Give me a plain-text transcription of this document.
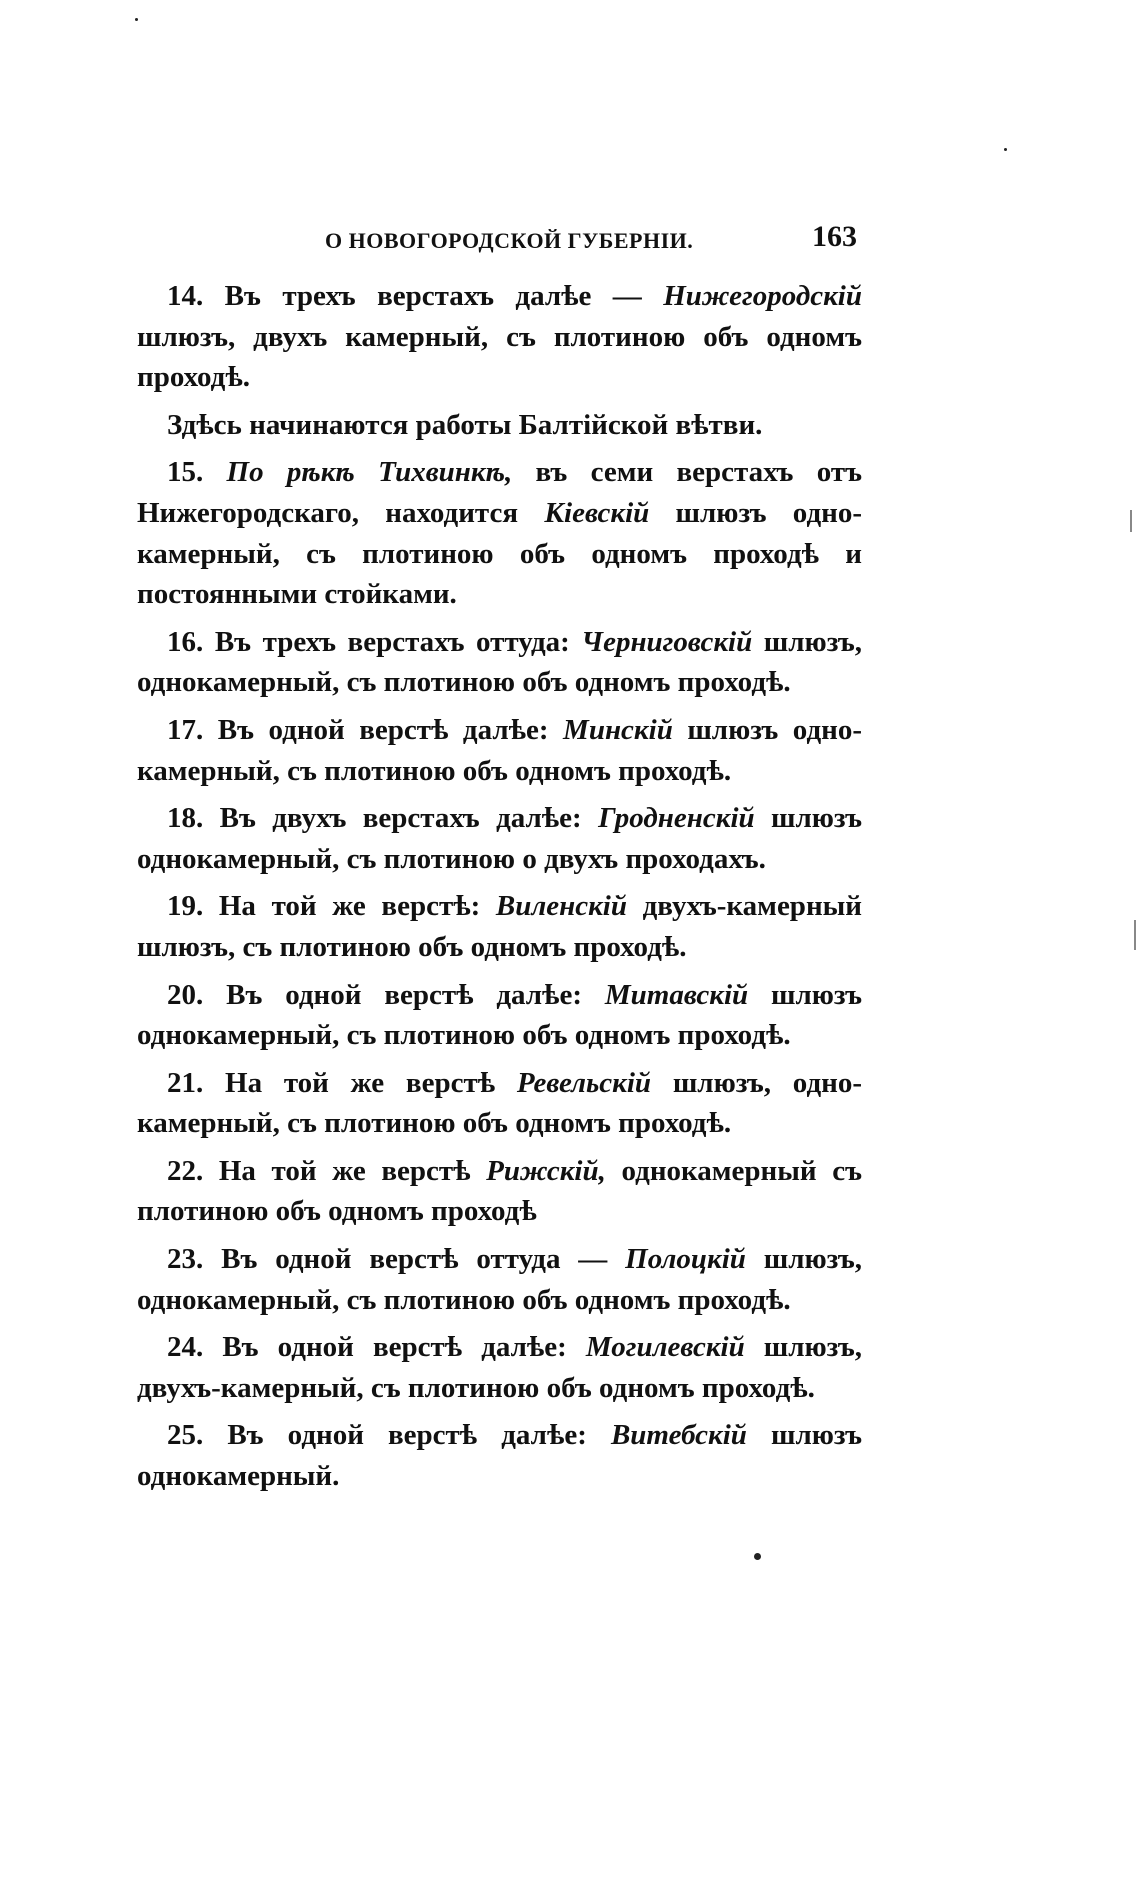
О НОВОГОРОДСКОЙ ГУБЕРНІИ.	163

14. Въ трехъ верстахъ далѣе — Нижегородскій шлюзъ, двухъ камерный, съ плотиною объ одномъ проходѣ.

Здѣсь начинаются работы Балтійской вѣтви.

15. По рѣкѣ Тихвинкѣ, въ семи верстахъ отъ Нижегородскаго, находится Кіевскій шлюзъ одно-камерный, съ плотиною объ одномъ проходѣ и постоянными стойками.

16. Въ трехъ верстахъ оттуда: Черниговскій шлюзъ, однокамерный, съ плотиною объ одномъ проходѣ.

17. Въ одной верстѣ далѣе: Минскій шлюзъ одно-камерный, съ плотиною объ одномъ проходѣ.

18. Въ двухъ верстахъ далѣе: Гродненскій шлюзъ однокамерный, съ плотиною о двухъ проходахъ.

19. На той же верстѣ: Виленскій двухъ-камерный шлюзъ, съ плотиною объ одномъ проходѣ.

20. Въ одной верстѣ далѣе: Митавскій шлюзъ однокамерный, съ плотиною объ одномъ проходѣ.

21. На той же верстѣ Ревельскій шлюзъ, одно-камерный, съ плотиною объ одномъ проходѣ.

22. На той же верстѣ Рижскій, однокамерный съ плотиною объ одномъ проходѣ

23. Въ одной верстѣ оттуда — Полоцкій шлюзъ, однокамерный, съ плотиною объ одномъ проходѣ.

24. Въ одной верстѣ далѣе: Могилевскій шлюзъ, двухъ-камерный, съ плотиною объ одномъ проходѣ.

25. Въ одной верстѣ далѣе: Витебскій шлюзъ однокамерный.
